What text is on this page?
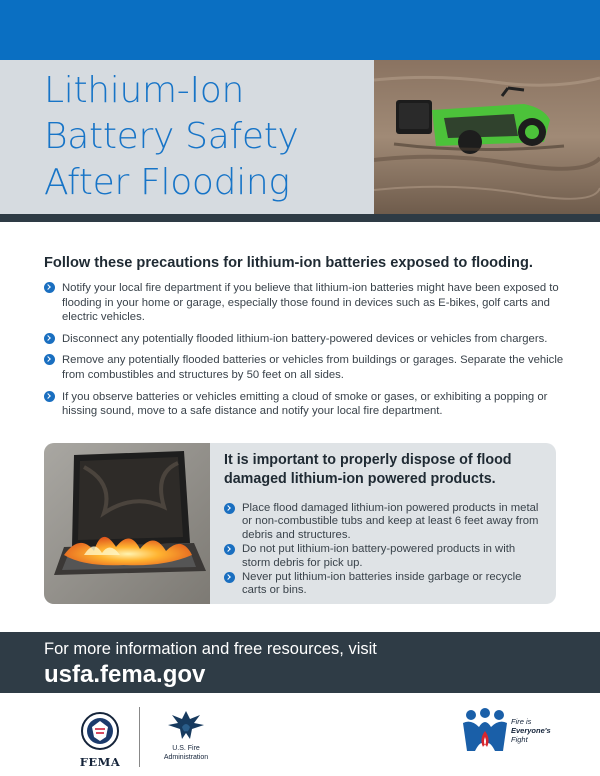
Lithium-Ion
Battery Safety
After Flooding
Follow these precautions for lithium-ion batteries exposed to flooding.
Notify your local fire department if you believe that lithium-ion batteries might have been exposed to flooding in your home or garage, especially those found in devices such as E-bikes, golf carts and electric vehicles.
Disconnect any potentially flooded lithium-ion battery-powered devices or vehicles from chargers.
Remove any potentially flooded batteries or vehicles from buildings or garages. Separate the vehicle from combustibles and structures by 50 feet on all sides.
If you observe batteries or vehicles emitting a cloud of smoke or gases, or exhibiting a popping or hissing sound, move to a safe distance and notify your local fire department.
It is important to properly dispose of flood damaged lithium-ion powered products.
Place flood damaged lithium-ion powered products in metal or non-combustible tubs and keep at least 6 feet away from debris and structures.
Do not put lithium-ion battery-powered products in with storm debris for pick up.
Never put lithium-ion batteries inside garbage or recycle carts or bins.

For more information and free resources, visit

usfa.fema.gov
FEMA
U.S. Fire
Administration
Fire is
Everyone's
Fight
